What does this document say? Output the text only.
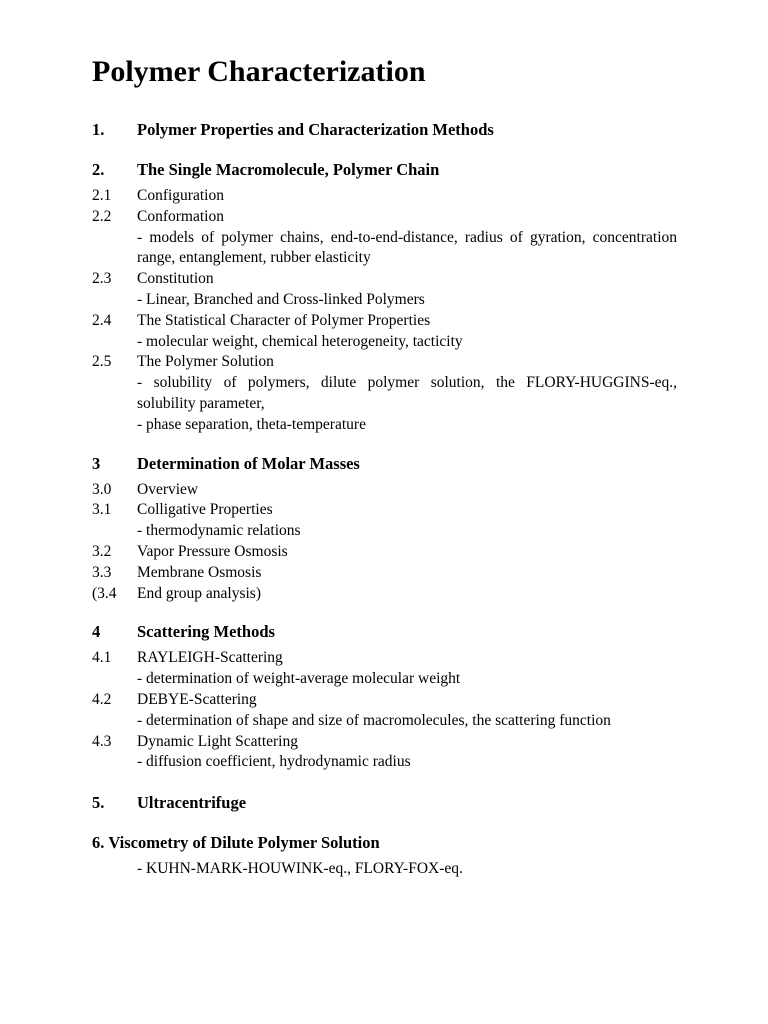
Polymer Characterization
1.	Polymer Properties and Characterization Methods
2.	The Single Macromolecule, Polymer Chain
2.1	Configuration
2.2	Conformation
- models of polymer chains, end-to-end-distance, radius of gyration, concentration range, entanglement, rubber elasticity
2.3	Constitution
- Linear, Branched and Cross-linked Polymers
2.4	The Statistical Character of Polymer Properties
- molecular weight, chemical heterogeneity, tacticity
2.5	The Polymer Solution
- solubility of polymers, dilute polymer solution, the FLORY-HUGGINS-eq., solubility parameter,
- phase separation, theta-temperature
3	Determination of Molar Masses
3.0	Overview
3.1	Colligative Properties
- thermodynamic relations
3.2	Vapor Pressure Osmosis
3.3	Membrane Osmosis
(3.4	End group analysis)
4	Scattering Methods
4.1	RAYLEIGH-Scattering
- determination of weight-average molecular weight
4.2	DEBYE-Scattering
- determination of shape and size of macromolecules, the scattering function
4.3	Dynamic Light Scattering
- diffusion coefficient, hydrodynamic radius
5.	Ultracentrifuge
6. Viscometry of Dilute Polymer Solution
- KUHN-MARK-HOUWINK-eq., FLORY-FOX-eq.
